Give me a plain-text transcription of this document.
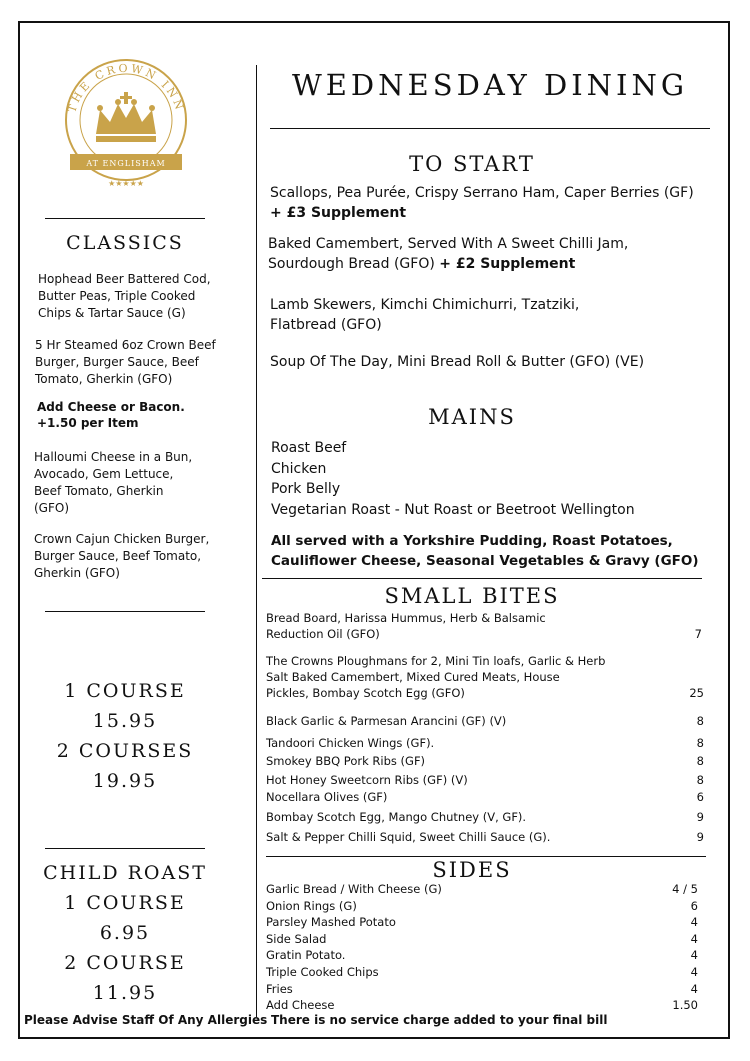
THE CROWN INN
AT ENGLISHAM
★★★★★
CLASSICS
Hophead Beer Battered Cod, Butter Peas, Triple Cooked Chips & Tartar Sauce (G)
5 Hr Steamed 6oz Crown Beef Burger, Burger Sauce, Beef Tomato, Gherkin (GFO)
Add Cheese or Bacon.
+1.50 per Item
Halloumi Cheese in a Bun, Avocado, Gem Lettuce, Beef Tomato, Gherkin (GFO)
Crown Cajun Chicken Burger, Burger Sauce, Beef Tomato, Gherkin (GFO)
1 COURSE
15.95
2 COURSES
19.95
CHILD ROAST
1 COURSE
6.95
2 COURSE
11.95
WEDNESDAY DINING
TO START
Scallops, Pea Purée, Crispy Serrano Ham, Caper Berries (GF)
+ £3 Supplement
Baked Camembert, Served With A Sweet Chilli Jam,
Sourdough Bread (GFO) + £2 Supplement
Lamb Skewers, Kimchi Chimichurri, Tzatziki,
Flatbread (GFO)
Soup Of The Day, Mini Bread Roll & Butter (GFO) (VE)
MAINS
Roast Beef
Chicken
Pork Belly
Vegetarian Roast - Nut Roast or Beetroot Wellington
All served with a Yorkshire Pudding, Roast Potatoes,
Cauliflower Cheese, Seasonal Vegetables & Gravy (GFO)
SMALL BITES
Bread Board, Harissa Hummus, Herb & Balsamic
Reduction Oil (GFO)	7
The Crowns Ploughmans for 2, Mini Tin loafs, Garlic & Herb
Salt Baked Camembert, Mixed Cured Meats, House
Pickles, Bombay Scotch Egg (GFO)	25
Black Garlic & Parmesan Arancini (GF) (V)	8
Tandoori Chicken Wings (GF).	8
Smokey BBQ Pork Ribs (GF)	8
Hot Honey Sweetcorn Ribs (GF) (V)	8
Nocellara Olives (GF)	6
Bombay Scotch Egg, Mango Chutney (V, GF).	9
Salt & Pepper Chilli Squid, Sweet Chilli Sauce (G).	9
SIDES
Garlic Bread / With Cheese (G)	4 / 5
Onion Rings (G)	6
Parsley Mashed Potato	4
Side Salad	4
Gratin Potato.	4
Triple Cooked Chips	4
Fries	4
Add Cheese	1.50
Please Advise Staff Of Any Allergies There is no service charge added to your final bill
